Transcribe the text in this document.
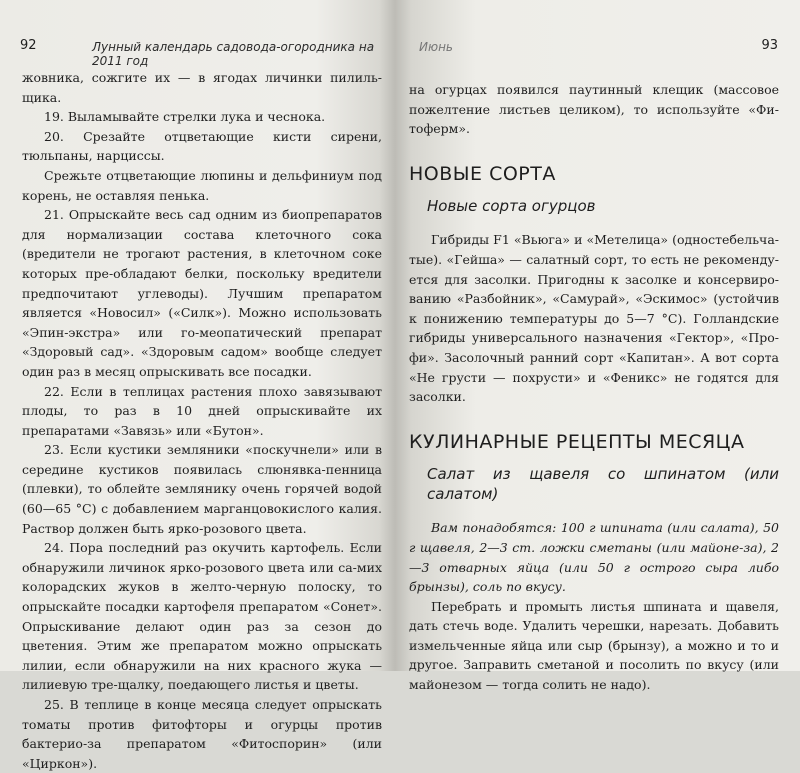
92	Лунный календарь садовода-огородника на 2011 год

жовника, сожгите их — в ягодах личинки пилиль-щика.

19. Выламывайте стрелки лука и чеснока.

20. Срезайте отцветающие кисти сирени, тюльпаны, нарциссы.

Срежьте отцветающие люпины и дельфиниум под корень, не оставляя пенька.

21. Опрыскайте весь сад одним из биопрепаратов для нормализации состава клеточного сока (вредители не трогают растения, в клеточном соке которых пре-обладают белки, поскольку вредители предпочитают углеводы). Лучшим препаратом является «Новосил» («Силк»). Можно использовать «Эпин-экстра» или го-меопатический препарат «Здоровый сад». «Здоровым садом» вообще следует один раз в месяц опрыскивать все посадки.

22. Если в теплицах растения плохо завязывают плоды, то раз в 10 дней опрыскивайте их препаратами «Завязь» или «Бутон».

23. Если кустики земляники «поскучнели» или в середине кустиков появилась слюнявка-пенница (плевки), то облейте землянику очень горячей водой (60—65 °С) с добавлением марганцовокислого калия. Раствор должен быть ярко-розового цвета.

24. Пора последний раз окучить картофель. Если обнаружили личинок ярко-розового цвета или са-мих колорадских жуков в желто-черную полоску, то опрыскайте посадки картофеля препаратом «Сонет». Опрыскивание делают один раз за сезон до цветения. Этим же препаратом можно опрыскать лилии, если обнаружили на них красного жука — лилиевую тре-щалку, поедающего листья и цветы.

25. В теплице в конце месяца следует опрыскать томаты против фитофторы и огурцы против бактерио-за препаратом «Фитоспорин» (или «Циркон»).

Июнь	93

на огурцах появился паутинный клещик (массовое пожелтение листьев целиком), то используйте «Фи-тоферм».

НОВЫЕ СОРТА
Новые сорта огурцов

Гибриды F1 «Вьюга» и «Метелица» (одностебельча-тые). «Гейша» — салатный сорт, то есть не рекоменду-ется для засолки. Пригодны к засолке и консервиро-ванию «Разбойник», «Самурай», «Эскимос» (устойчив к понижению температуры до 5—7 °С). Голландские гибриды универсального назначения «Гектор», «Про-фи». Засолочный ранний сорт «Капитан». А вот сорта «Не грусти — похрусти» и «Феникс» не годятся для засолки.

КУЛИНАРНЫЕ РЕЦЕПТЫ МЕСЯЦА
Салат из щавеля со шпинатом (или салатом)

Вам понадобятся: 100 г шпината (или салата), 50 г щавеля, 2—3 ст. ложки сметаны (или майоне-за), 2—3 отварных яйца (или 50 г острого сыра либо брынзы), соль по вкусу.

Перебрать и промыть листья шпината и щавеля, дать стечь воде. Удалить черешки, нарезать. Добавить измельченные яйца или сыр (брынзу), а можно и то и другое. Заправить сметаной и посолить по вкусу (или майонезом — тогда солить не надо).
